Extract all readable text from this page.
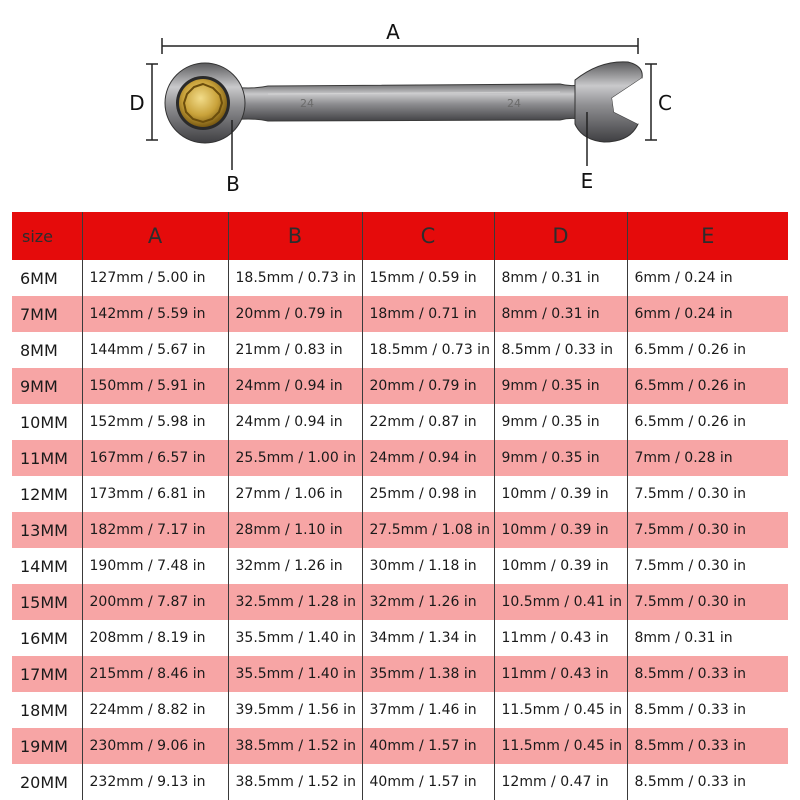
A
D	C
24	24
B	E
size	A	B	C	D	E
6MM	127mm / 5.00 in	18.5mm / 0.73 in	15mm / 0.59 in	8mm / 0.31 in	6mm / 0.24 in
7MM	142mm / 5.59 in	20mm / 0.79 in	18mm / 0.71 in	8mm / 0.31 in	6mm / 0.24 in
8MM	144mm / 5.67 in	21mm / 0.83 in	18.5mm / 0.73 in	8.5mm / 0.33 in	6.5mm / 0.26 in
9MM	150mm / 5.91 in	24mm / 0.94 in	20mm / 0.79 in	9mm / 0.35 in	6.5mm / 0.26 in
10MM	152mm / 5.98 in	24mm / 0.94 in	22mm / 0.87 in	9mm / 0.35 in	6.5mm / 0.26 in
11MM	167mm / 6.57 in	25.5mm / 1.00 in	24mm / 0.94 in	9mm / 0.35 in	7mm / 0.28 in
12MM	173mm / 6.81 in	27mm / 1.06 in	25mm / 0.98 in	10mm / 0.39 in	7.5mm / 0.30 in
13MM	182mm / 7.17 in	28mm / 1.10 in	27.5mm / 1.08 in	10mm / 0.39 in	7.5mm / 0.30 in
14MM	190mm / 7.48 in	32mm / 1.26 in	30mm / 1.18 in	10mm / 0.39 in	7.5mm / 0.30 in
15MM	200mm / 7.87 in	32.5mm / 1.28 in	32mm / 1.26 in	10.5mm / 0.41 in	7.5mm / 0.30 in
16MM	208mm / 8.19 in	35.5mm / 1.40 in	34mm / 1.34 in	11mm / 0.43 in	8mm / 0.31 in
17MM	215mm / 8.46 in	35.5mm / 1.40 in	35mm / 1.38 in	11mm / 0.43 in	8.5mm / 0.33 in
18MM	224mm / 8.82 in	39.5mm / 1.56 in	37mm / 1.46 in	11.5mm / 0.45 in	8.5mm / 0.33 in
19MM	230mm / 9.06 in	38.5mm / 1.52 in	40mm / 1.57 in	11.5mm / 0.45 in	8.5mm / 0.33 in
20MM	232mm / 9.13 in	38.5mm / 1.52 in	40mm / 1.57 in	12mm / 0.47 in	8.5mm / 0.33 in
